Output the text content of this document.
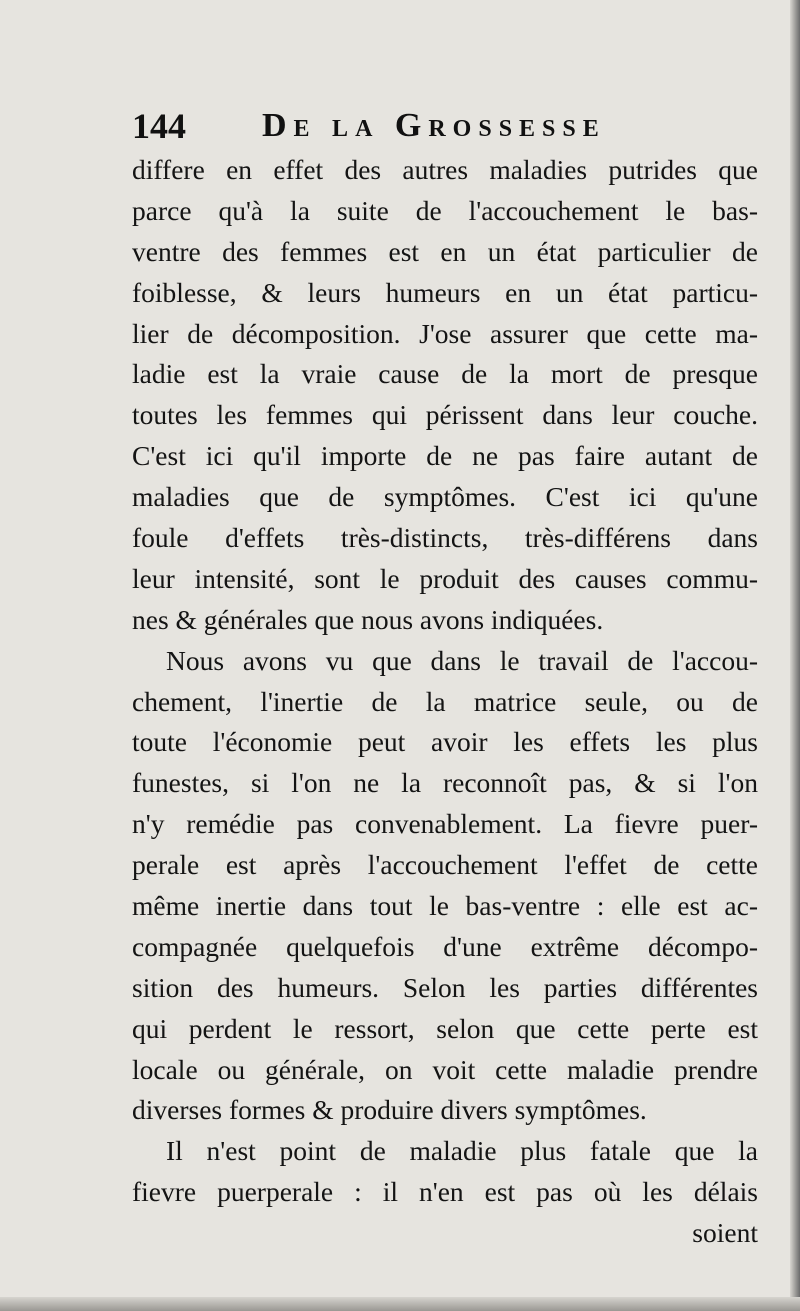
144 De la Grossesse
differe en effet des autres maladies putrides que
parce qu'à la suite de l'accouchement le bas-
ventre des femmes est en un état particulier de
foiblesse, & leurs humeurs en un état particu-
lier de décomposition. J'ose assurer que cette ma-
ladie est la vraie cause de la mort de presque
toutes les femmes qui périssent dans leur couche.
C'est ici qu'il importe de ne pas faire autant de
maladies que de symptômes. C'est ici qu'une
foule d'effets très-distincts, très-différens dans
leur intensité, sont le produit des causes commu-
nes & générales que nous avons indiquées.
Nous avons vu que dans le travail de l'accou-
chement, l'inertie de la matrice seule, ou de
toute l'économie peut avoir les effets les plus
funestes, si l'on ne la reconnoît pas, & si l'on
n'y remédie pas convenablement. La fievre puer-
perale est après l'accouchement l'effet de cette
même inertie dans tout le bas-ventre : elle est ac-
compagnée quelquefois d'une extrême décompo-
sition des humeurs. Selon les parties différentes
qui perdent le ressort, selon que cette perte est
locale ou générale, on voit cette maladie prendre
diverses formes & produire divers symptômes.
Il n'est point de maladie plus fatale que la
fievre puerperale : il n'en est pas où les délais
soient
